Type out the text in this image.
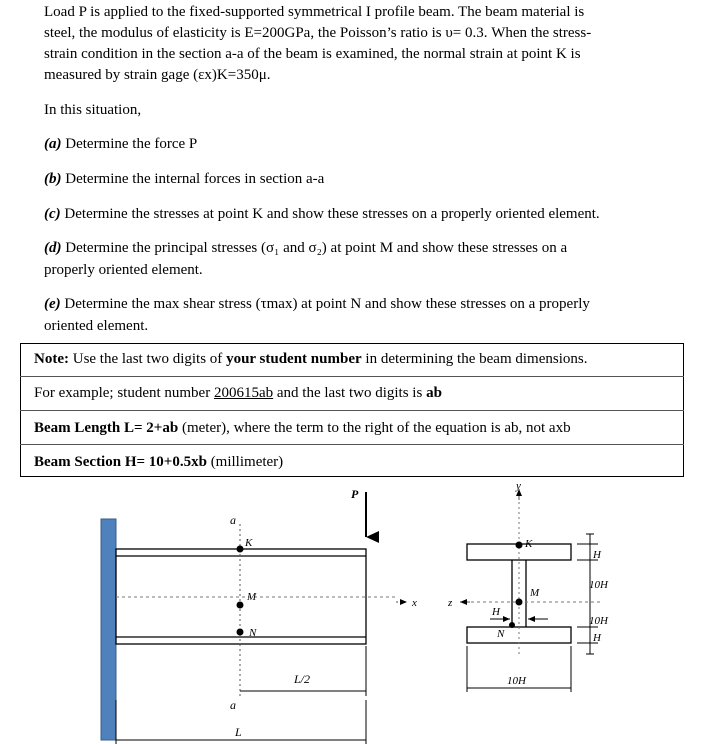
Load P is applied to the fixed-supported symmetrical I profile beam. The beam material is
steel, the modulus of elasticity is E=200GPa, the Poisson’s ratio is υ= 0.3. When the stress-
strain condition in the section a-a of the beam is examined, the normal strain at point K is
measured by strain gage (εx)K=350μ.
In this situation,
(a) Determine the force P
(b) Determine the internal forces in section a-a
(c) Determine the stresses at point K and show these stresses on a properly oriented element.
(d) Determine the principal stresses (σ₁ and σ₂) at point M and show these stresses on a
properly oriented element.
(e) Determine the max shear stress (τmax) at point N and show these stresses on a properly
oriented element.
Note: Use the last two digits of your student number in determining the beam dimensions.
For example; student number 200615ab and the last two digits is ab
Beam Length L= 2+ab (meter), where the term to the right of the equation is ab, not axb
Beam Section H= 10+0.5xb (millimeter)
x
a
a
K
M
N
P
L/2
L
z
y
K
M
N
H
10H
H
10H
10H
H
